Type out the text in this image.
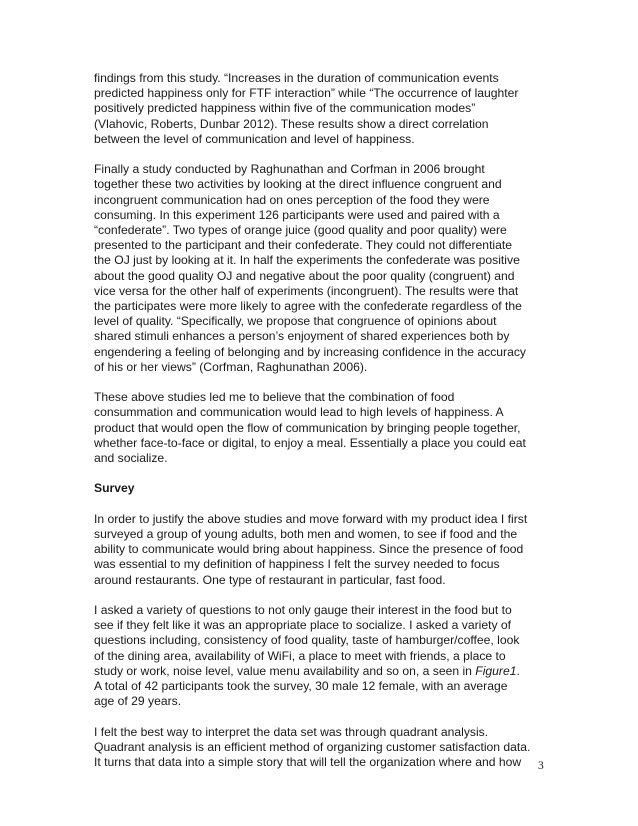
findings from this study. “Increases in the duration of communication events
predicted happiness only for FTF interaction” while “The occurrence of laughter
positively predicted happiness within five of the communication modes”
(Vlahovic, Roberts, Dunbar 2012). These results show a direct correlation
between the level of communication and level of happiness.
Finally a study conducted by Raghunathan and Corfman in 2006 brought
together these two activities by looking at the direct influence congruent and
incongruent communication had on ones perception of the food they were
consuming. In this experiment 126 participants were used and paired with a
“confederate”. Two types of orange juice (good quality and poor quality) were
presented to the participant and their confederate. They could not differentiate
the OJ just by looking at it. In half the experiments the confederate was positive
about the good quality OJ and negative about the poor quality (congruent) and
vice versa for the other half of experiments (incongruent). The results were that
the participates were more likely to agree with the confederate regardless of the
level of quality. “Specifically, we propose that congruence of opinions about
shared stimuli enhances a person’s enjoyment of shared experiences both by
engendering a feeling of belonging and by increasing confidence in the accuracy
of his or her views” (Corfman, Raghunathan 2006).
These above studies led me to believe that the combination of food
consummation and communication would lead to high levels of happiness. A
product that would open the flow of communication by bringing people together,
whether face-to-face or digital, to enjoy a meal. Essentially a place you could eat
and socialize.
Survey
In order to justify the above studies and move forward with my product idea I first
surveyed a group of young adults, both men and women, to see if food and the
ability to communicate would bring about happiness. Since the presence of food
was essential to my definition of happiness I felt the survey needed to focus
around restaurants. One type of restaurant in particular, fast food.
I asked a variety of questions to not only gauge their interest in the food but to
see if they felt like it was an appropriate place to socialize. I asked a variety of
questions including, consistency of food quality, taste of hamburger/coffee, look
of the dining area, availability of WiFi, a place to meet with friends, a place to
study or work, noise level, value menu availability and so on, a seen in Figure1.
A total of 42 participants took the survey, 30 male 12 female, with an average
age of 29 years.
I felt the best way to interpret the data set was through quadrant analysis.
Quadrant analysis is an efficient method of organizing customer satisfaction data.
It turns that data into a simple story that will tell the organization where and how	3
